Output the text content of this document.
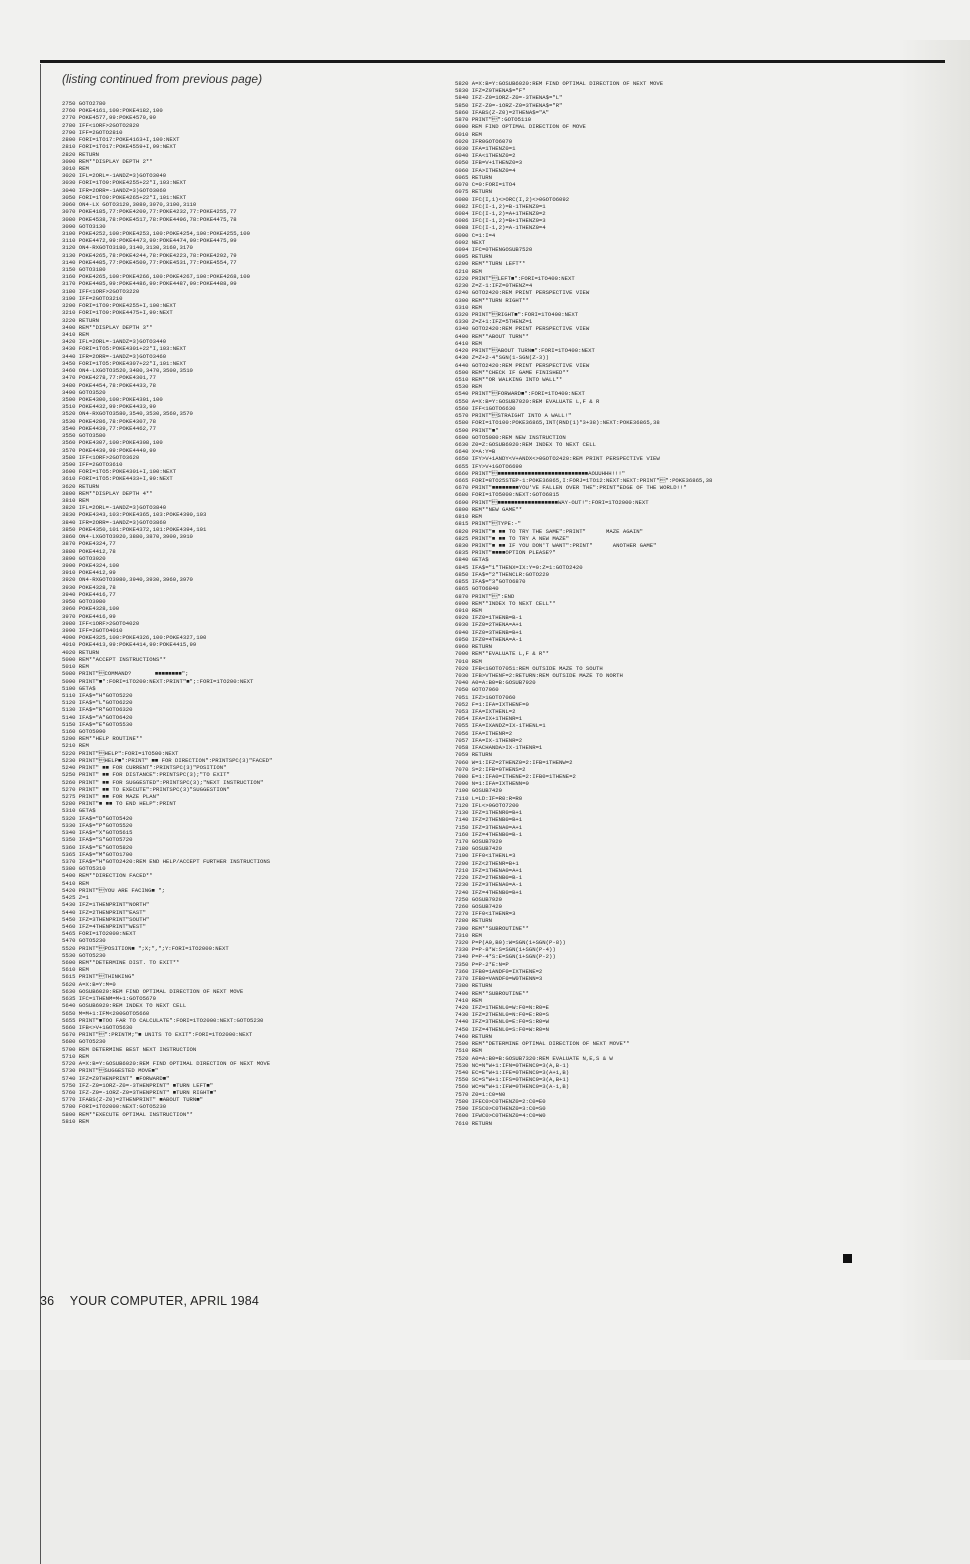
(listing continued from previous page)
2750 GOTO2780
2760 POKE4161,100:POKE4182,100
2770 POKE4577,99:POKE4570,99
2780 IFF<1ORF>2GOTO2820
2790 IFF=2GOTO2810
2800 FORI=1TO17:POKE4163+I,100:NEXT
2810 FORI=1TO17:POKE4559+I,99:NEXT
2820 RETURN
3000 REM**DISPLAY DEPTH 2**
3010 REM
3020 IFL=2ORL=-1ANDZ=3)GOTO3040
3030 FORI=1TO9:POKE4255+22*I,103:NEXT
3040 IFR=2ORR=-1ANDZ=3)GOTO3060
3050 FORI=1TO9:POKE4265+22*I,101:NEXT
3060 ON4-LX GOTO3120,3080,3070,3100,3110
3070 POKE4185,77:POKE4209,77:POKE4232,77:POKE4255,77
3080 POKE4538,78:POKE4517,78:POKE4496,78:POKE4475,78
3090 GOTO3130
3100 POKE4252,100:POKE4253,100:POKE4254,100:POKE4255,100
3110 POKE4472,99:POKE4473,99:POKE4474,99:POKE4475,99
3120 ON4-RXGOTO3180,3140,3130,3160,3170
3130 POKE4265,78:POKE4244,78:POKE4223,78:POKE4202,79
3140 POKE4485,77:POKE4509,77:POKE4531,77:POKE4554,77
3150 GOTO3180
3160 POKE4265,100:POKE4266,100:POKE4267,100:POKE4268,100
3170 POKE4485,99:POKE4486,99:POKE4487,99:POKE4488,99
3180 IFF<1ORF>2GOTO3220
3190 IFF=2GOTO3210
3200 FORI=1TO9:POKE4255+I,100:NEXT
3210 FORI=1TO9:POKE4475+I,99:NEXT
3220 RETURN
3400 REM**DISPLAY DEPTH 3**
3410 REM
3420 IFL=2ORL=-1ANDZ=3)GOTO3440
3430 FORI=1TO5:POKE4301+22*I,103:NEXT
3440 IFR=2ORR=-1ANDZ=3)GOTO3460
3450 FORI=1TO5:POKE4307+22*I,101:NEXT
3460 ON4-LXGOTO3520,3480,3470,3500,3510
3470 POKE4278,77:POKE4301,77
3480 POKE4454,78:POKE4433,78
3490 GOTO3520
3500 POKE4300,100:POKE4301,100
3510 POKE4432,99:POKE4433,99
3520 ON4-RXGOTO3580,3540,3530,3560,3570
3530 POKE4286,78:POKE4307,78
3540 POKE4439,77:POKE4462,77
3550 GOTO3580
3560 POKE4307,100:POKE4308,100
3570 POKE4439,99:POKE4440,99
3580 IFF<1ORF>2GOTO3620
3590 IFF=2GOTO3610
3600 FORI=1TO5:POKE4301+I,100:NEXT
3610 FORI=1TO5:POKE4433+I,99:NEXT
3620 RETURN
3800 REM**DISPLAY DEPTH 4**
3810 REM
3820 IFL=2ORL=-1ANDZ=3)GOTO3840
3830 POKE4343,103:POKE4365,103:POKE4390,103
3840 IFR=2ORR=-1ANDZ=3)GOTO3860
3850 POKE4350,101:POKE4372,101:POKE4394,101
3860 ON4-LXGOTO3920,3880,3870,3900,3910
3870 POKE4324,77
3880 POKE4412,78
3890 GOTO3920
3900 POKE4324,100
3910 POKE4412,99
3920 ON4-RXGOTO3980,3940,3930,3960,3970
3930 POKE4328,78
3940 POKE4416,77
3950 GOTO3980
3960 POKE4328,100
3970 POKE4416,99
3980 IFF<1ORF>2GOTO4020
3990 IFF=2GOTO4010
4000 POKE4325,100:POKE4326,100:POKE4327,100
4010 POKE4413,99:POKE4414,99:POKE4415,99
4020 RETURN
5000 REM**ACCEPT INSTRUCTIONS**
5010 REM
5080 PRINT"COMMAND?       ■■■■■■■■";
5090 PRINT"■":FORI=1TO200:NEXT:PRINT"■";:FORI=1TO200:NEXT
5100 GETA$
5110 IFA$="H"GOTO5220
5120 IFA$="L"GOTO6220
5130 IFA$="R"GOTO6320
5140 IFA$="A"GOTO6420
5150 IFA$="E"GOTO5530
5160 GOTO5090
5200 REM**HELP ROUTINE**
5210 REM
5220 PRINT"HELP":FORI=1TO500:NEXT
5230 PRINT"HELP■":PRINT" ■■ FOR DIRECTION":PRINTSPC(3)"FACED"
5240 PRINT" ■■ FOR CURRENT":PRINTSPC(3)"POSITION"
5250 PRINT" ■■ FOR DISTANCE":PRINTSPC(3);"TO EXIT"
5260 PRINT" ■■ FOR SUGGESTED":PRINTSPC(3);"NEXT INSTRUCTION"
5270 PRINT" ■■ TO EXECUTE":PRINTSPC(3)"SUGGESTION"
5275 PRINT" ■■ FOR MAZE PLAN"
5280 PRINT"■ ■■ TO END HELP":PRINT
5310 GETA$
5320 IFA$="D"GOTO5420
5330 IFA$="P"GOTO5520
5340 IFA$="X"GOTO5615
5350 IFA$="S"GOTO5720
5360 IFA$="E"GOTO5820
5365 IFA$="M"GOTO1700
5370 IFA$="H"GOTO2420:REM END HELP/ACCEPT FURTHER INSTRUCTIONS
5380 GOTO5310
5400 REM**DIRECTION FACED**
5410 REM
5420 PRINT"YOU ARE FACING■ ";
5425 Z=1
5430 IFZ=1THENPRINT"NORTH"
5440 IFZ=2THENPRINT"EAST"
5450 IFZ=3THENPRINT"SOUTH"
5460 IFZ=4THENPRINT"WEST"
5465 FORI=1TO2000:NEXT
5470 GOTO5230
5520 PRINT"POSITION■ ";X;",";Y:FORI=1TO2000:NEXT
5530 GOTO5230
5600 REM**DETERMINE DIST. TO EXIT**
5610 REM
5615 PRINT"THINKING"
5620 A=X:B=Y:M=0
5630 GOSUB6020:REM FIND OPTIMAL DIRECTION OF NEXT MOVE
5635 IFC=1THENM=M+1:GOTO5670
5640 GOSUB6920:REM INDEX TO NEXT CELL
5650 M=M+1:IFM<200GOTO5660
5655 PRINT"■TOO FAR TO CALCULATE":FORI=1TO2000:NEXT:GOTO5230
5660 IFB<>V+1GOTO5630
5670 PRINT"":PRINTM;"■ UNITS TO EXIT":FORI=1TO2000:NEXT
5680 GOTO5230
5700 REM DETERMINE BEST NEXT INSTRUCTION
5710 REM
5720 A=X:B=Y:GOSUB6020:REM FIND OPTIMAL DIRECTION OF NEXT MOVE
5730 PRINT"SUGGESTED MOVE■"
5740 IFZ=Z0THENPRINT" ■FORWARD■"
5750 IFZ-Z0=1ORZ-Z0=-3THENPRINT" ■TURN LEFT■"
5760 IFZ-Z0=-1ORZ-Z0=3THENPRINT" ■TURN RIGHT■"
5770 IFABS(Z-Z0)=2THENPRINT" ■ABOUT TURN■"
5780 FORI=1TO2000:NEXT:GOTO5230
5800 REM**EXECUTE OPTIMAL INSTRUCTION**
5810 REM
5820 A=X:B=Y:GOSUB6020:REM FIND OPTIMAL DIRECTION OF NEXT MOVE
5830 IFZ=Z0THENA$="F"
5840 IFZ-Z0=1ORZ-Z0=-3THENA$="L"
5850 IFZ-Z0=-1ORZ-Z0=3THENA$="R"
5860 IFABS(Z-Z0)=2THENA$="A"
5870 PRINT"":GOTO5110
6000 REM FIND OPTIMAL DIRECTION OF MOVE
6010 REM
6020 IFR0GOTO6070
6030 IFA=1THENZ0=1
6040 IFA<1THENZ0=2
6050 IFB=V+1THENZ0=3
6060 IFA>ITHENZ0=4
6065 RETURN
6070 C=0:FORI=1TO4
6075 RETURN
6080 IFC(I,1)<>ORC(I,2)<>0GOTO6092
6082 IFC(I-1,2)=B-1THENZ0=1
6084 IFC(I-1,2)=A+1THENZ0=2
6086 IFC(I-1,2)=B+1THENZ0=3
6088 IFC(I-1,2)=A-1THENZ0=4
6090 C=1:I=4
6092 NEXT
6094 IFC=0THENGOSUB7520
6095 RETURN
6200 REM**TURN LEFT**
6210 REM
6220 PRINT"LEFT■":FORI=1TO400:NEXT
6230 Z=Z-1:IFZ=0THENZ=4
6240 GOTO2420:REM PRINT PERSPECTIVE VIEW
6300 REM**TURN RIGHT**
6310 REM
6320 PRINT"RIGHT■":FORI=1TO400:NEXT
6330 Z=Z+1:IFZ=5THENZ=1
6340 GOTO2420:REM PRINT PERSPECTIVE VIEW
6400 REM**ABOUT TURN**
6410 REM
6420 PRINT"ABOUT TURN■":FORI=1TO400:NEXT
6430 Z=Z+2-4*SGN(1-SGN(Z-3))
6440 GOTO2420:REM PRINT PERSPECTIVE VIEW
6500 REM**CHECK IF GAME FINISHED**
6510 REM**OR WALKING INTO WALL**
6530 REM
6540 PRINT"FORWARD■":FORI=1TO400:NEXT
6550 A=X:B=Y:GOSUB7020:REM EVALUATE L,F & R
6560 IFF<1GOTO6630
6570 PRINT"STRAIGHT INTO A WALL!"
6580 FORI=1TO100:POKE36865,INT(RND(1)*3+38):NEXT:POKE36865,38
6590 PRINT"■"
6600 GOTO5080:REM NEW INSTRUCTION
6630 Z0=Z:GOSUB6920:REM INDEX TO NEXT CELL
6640 X=A:Y=B
6650 IFY>V+1ANDY<V+ANDX<>0GOTO2420:REM PRINT PERSPECTIVE VIEW
6655 IFY>V+1GOTO6690
6660 PRINT"■■■■■■■■■■■■■■■■■■■■■■■■■■■AOUUHHH!!!"
6665 FORI=8TO25STEP-1:POKE36865,I:FORJ=1TO12:NEXT:NEXT:PRINT"":POKE36865,38
6670 PRINT"■■■■■■■■YOU'VE FALLEN OVER THE":PRINT"EDGE OF THE WORLD!!"
6680 FORI=1TO5000:NEXT:GOTO6815
6690 PRINT"■■■■■■■■■■■■■■■■■■WAY-OUT!":FORI=1TO2000:NEXT
6800 REM**NEW GAME**
6810 REM
6815 PRINT"TYPE:-"
6820 PRINT"■ ■■ TO TRY THE SAME":PRINT"      MAZE AGAIN"
6825 PRINT"■ ■■ TO TRY A NEW MAZE"
6830 PRINT"■ ■■ IF YOU DON'T WANT":PRINT"      ANOTHER GAME"
6835 PRINT"■■■■OPTION PLEASE?"
6840 GETA$
6845 IFA$="1"THENX=IX:Y=0:Z=1:GOTO2420
6850 IFA$="2"THENCLR:GOTO220
6855 IFA$="3"GOTO6870
6865 GOTO6840
6870 PRINT"":END
6900 REM**INDEX TO NEXT CELL**
6910 REM
6920 IFZ0=1THENB=B-1
6930 IFZ0=2THENA=A+1
6940 IFZ0=3THENB=B+1
6950 IFZ0=4THENA=A-1
6960 RETURN
7000 REM**EVALUATE L,F & R**
7010 REM
7020 IFB<1GOTO7051:REM OUTSIDE MAZE TO SOUTH
7030 IFB>VTHENF=2:RETURN:REM OUTSIDE MAZE TO NORTH
7040 A0=A:B0=B:GOSUB7920
7050 GOTO7060
7051 IFZ>1GOTO7060
7052 F=1:IFA=IXTHENF=0
7053 IFA=IXTHENL=2
7054 IFA=IX+1THENR=1
7055 IFA=IXANDZ=IX-1THENL=1
7056 IFA=ITHENR=2
7057 IFA=IX-1THENR=2
7058 IFACHANDA>IX-1THENR=1
7059 RETURN
7060 W=1:IFZ=2THENZ0=2:IFB=1THENW=2
7070 S=2:IFB=0THENS=2
7080 E=1:IFA0=ITHENE=2:IFB0=1THENE=2
7090 N=1:IFA=IXTHENN=0
7100 GOSUB7420
7110 L=LD:IF=R0:R=R0
7120 IFL<>0GOTO7200
7130 IFZ=1THENR0=B+1
7140 IFZ=2THENB0=B+1
7150 IFZ=3THENA0=A+1
7160 IFZ=4THENB0=B-1
7170 GOSUB7920
7180 GOSUB7420
7190 IFF0<1THENL=3
7200 IFZ<2THENR=B+1
7210 IFZ=1THENA0=A+1
7220 IFZ=2THENB0=B-1
7230 IFZ=3THENA0=A-1
7240 IFZ=4THENB0=B+1
7250 GOSUB7920
7260 GOSUB7420
7270 IFF0<1THENR=3
7280 RETURN
7300 REM**SUBROUTINE**
7310 REM
7320 P=P(A0,B0):W=SGN(1+SGN(P-8))
7330 P=P-8*W:S=SGN(1+SGN(P-4))
7340 P=P-4*S:E=SGN(1+SGN(P-2))
7350 P=P-2*E:N=P
7360 IFB0=1ANDF0=IXTHENE=2
7370 IFB0=VANDF0=W0THENN=3
7380 RETURN
7400 REM**SUBROUTINE**
7410 REM
7420 IFZ=1THENL0=W:F0=N:R0=E
7430 IFZ=2THENL0=N:F0=E:R0=S
7440 IFZ=3THENL0=E:F0=S:R0=W
7450 IFZ=4THENL0=S:F0=W:R0=N
7460 RETURN
7500 REM**DETERMINE OPTIMAL DIRECTION OF NEXT MOVE**
7510 REM
7520 A0=A:B0=B:GOSUB7320:REM EVALUATE N,E,S & W
7530 NC=N*W+1:IFN=0THENC0=3(A,B-1)
7540 EC=E*W+1:IFE=0THENC0=3(A+1,B)
7550 SC=S*W+1:IFS=0THENC0=3(A,B+1)
7560 WC=W*W+1:IFW=0THENC0=3(A-1,B)
7570 Z0=1:C0=N0
7580 IFEC0>C0THENZ0=2:C0=E0
7590 IFSC0>C0THENZ0=3:C0=S0
7600 IFWC0>C0THENZ0=4:C0=W0
7610 RETURN
36 YOUR COMPUTER, APRIL 1984
